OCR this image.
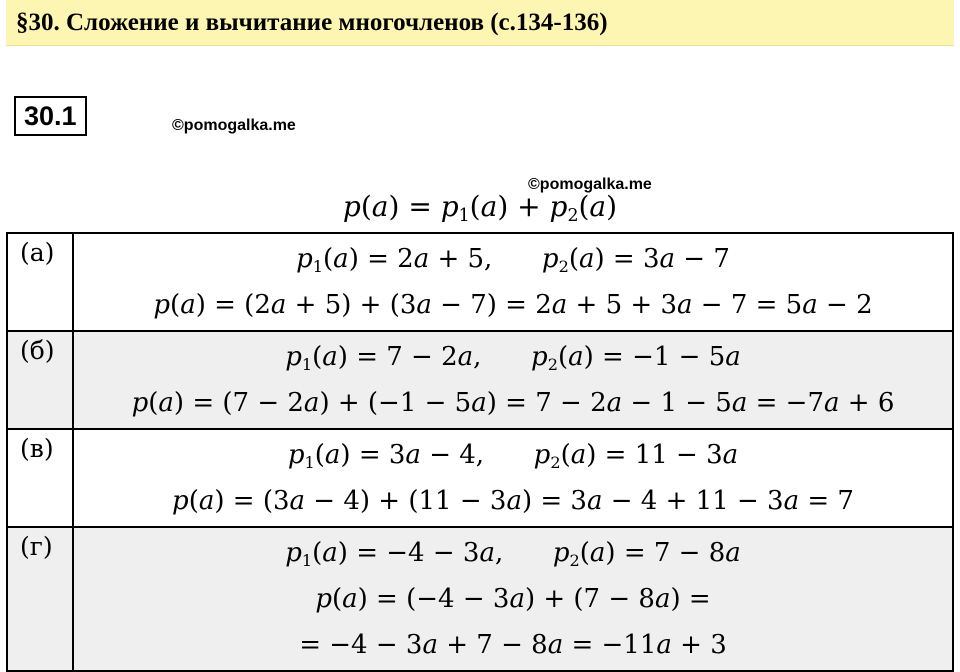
§30. Сложение и вычитание многочленов (с.134-136)
30.1	©pomogalka.me
©pomogalka.me
$p(a) = p_1(a) + p_2(a)$
(а)	$p_1(a) = 2a + 5$,      $p_2(a) = 3a - 7$
p(a) = (2a + 5) + (3a − 7) = 2a + 5 + 3a − 7 = 5a − 2

(б)	$p_1(a) = 7 - 2a$,      $p_2(a) = -1 - 5a$
p(a) = (7 − 2a) + (−1 − 5a) = 7 − 2a − 1 − 5a = −7a + 6

(в)	$p_1(a) = 3a - 4$,      $p_2(a) = 11 - 3a$
p(a) = (3a − 4) + (11 − 3a) = 3a − 4 + 11 − 3a = 7

(г)	$p_1(a) = -4 - 3a$,      $p_2(a) = 7 - 8a$
p(a) = (−4 − 3a) + (7 − 8a) =
= −4 − 3a + 7 − 8a = −11a + 3
